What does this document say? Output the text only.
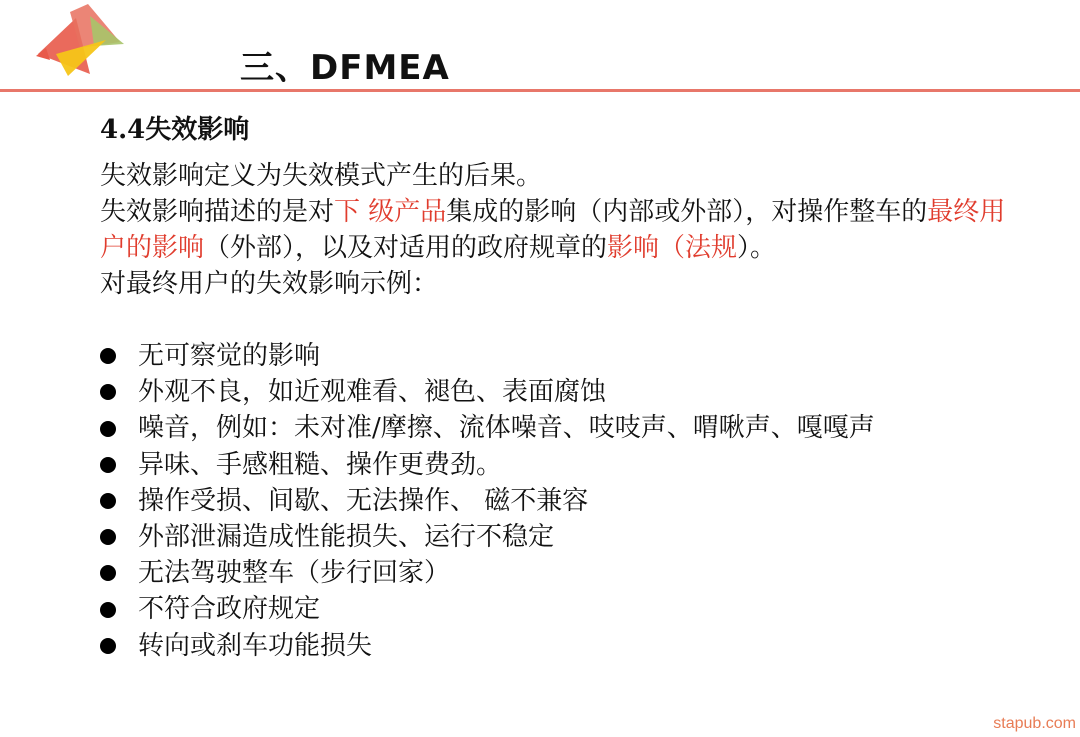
三、DFMEA
4.4失效影响

失效影响定义为失效模式产生的后果。

失效影响描述的是对下 级产品集成的影响（内部或外部），对操作整车的最终用户的影响（外部），以及对适用的政府规章的影响（法规）。

对最终用户的失效影响示例：

无可察觉的影响
外观不良，如近观难看、褪色、表面腐蚀
噪音，例如：未对准/摩擦、流体噪音、吱吱声、喟啾声、嘎嘎声
异味、手感粗糙、操作更费劲。
操作受损、间歇、无法操作、 磁不兼容
外部泄漏造成性能损失、运行不稳定
无法驾驶整车（步行回家）
不符合政府规定
转向或刹车功能损失
stapub.com
